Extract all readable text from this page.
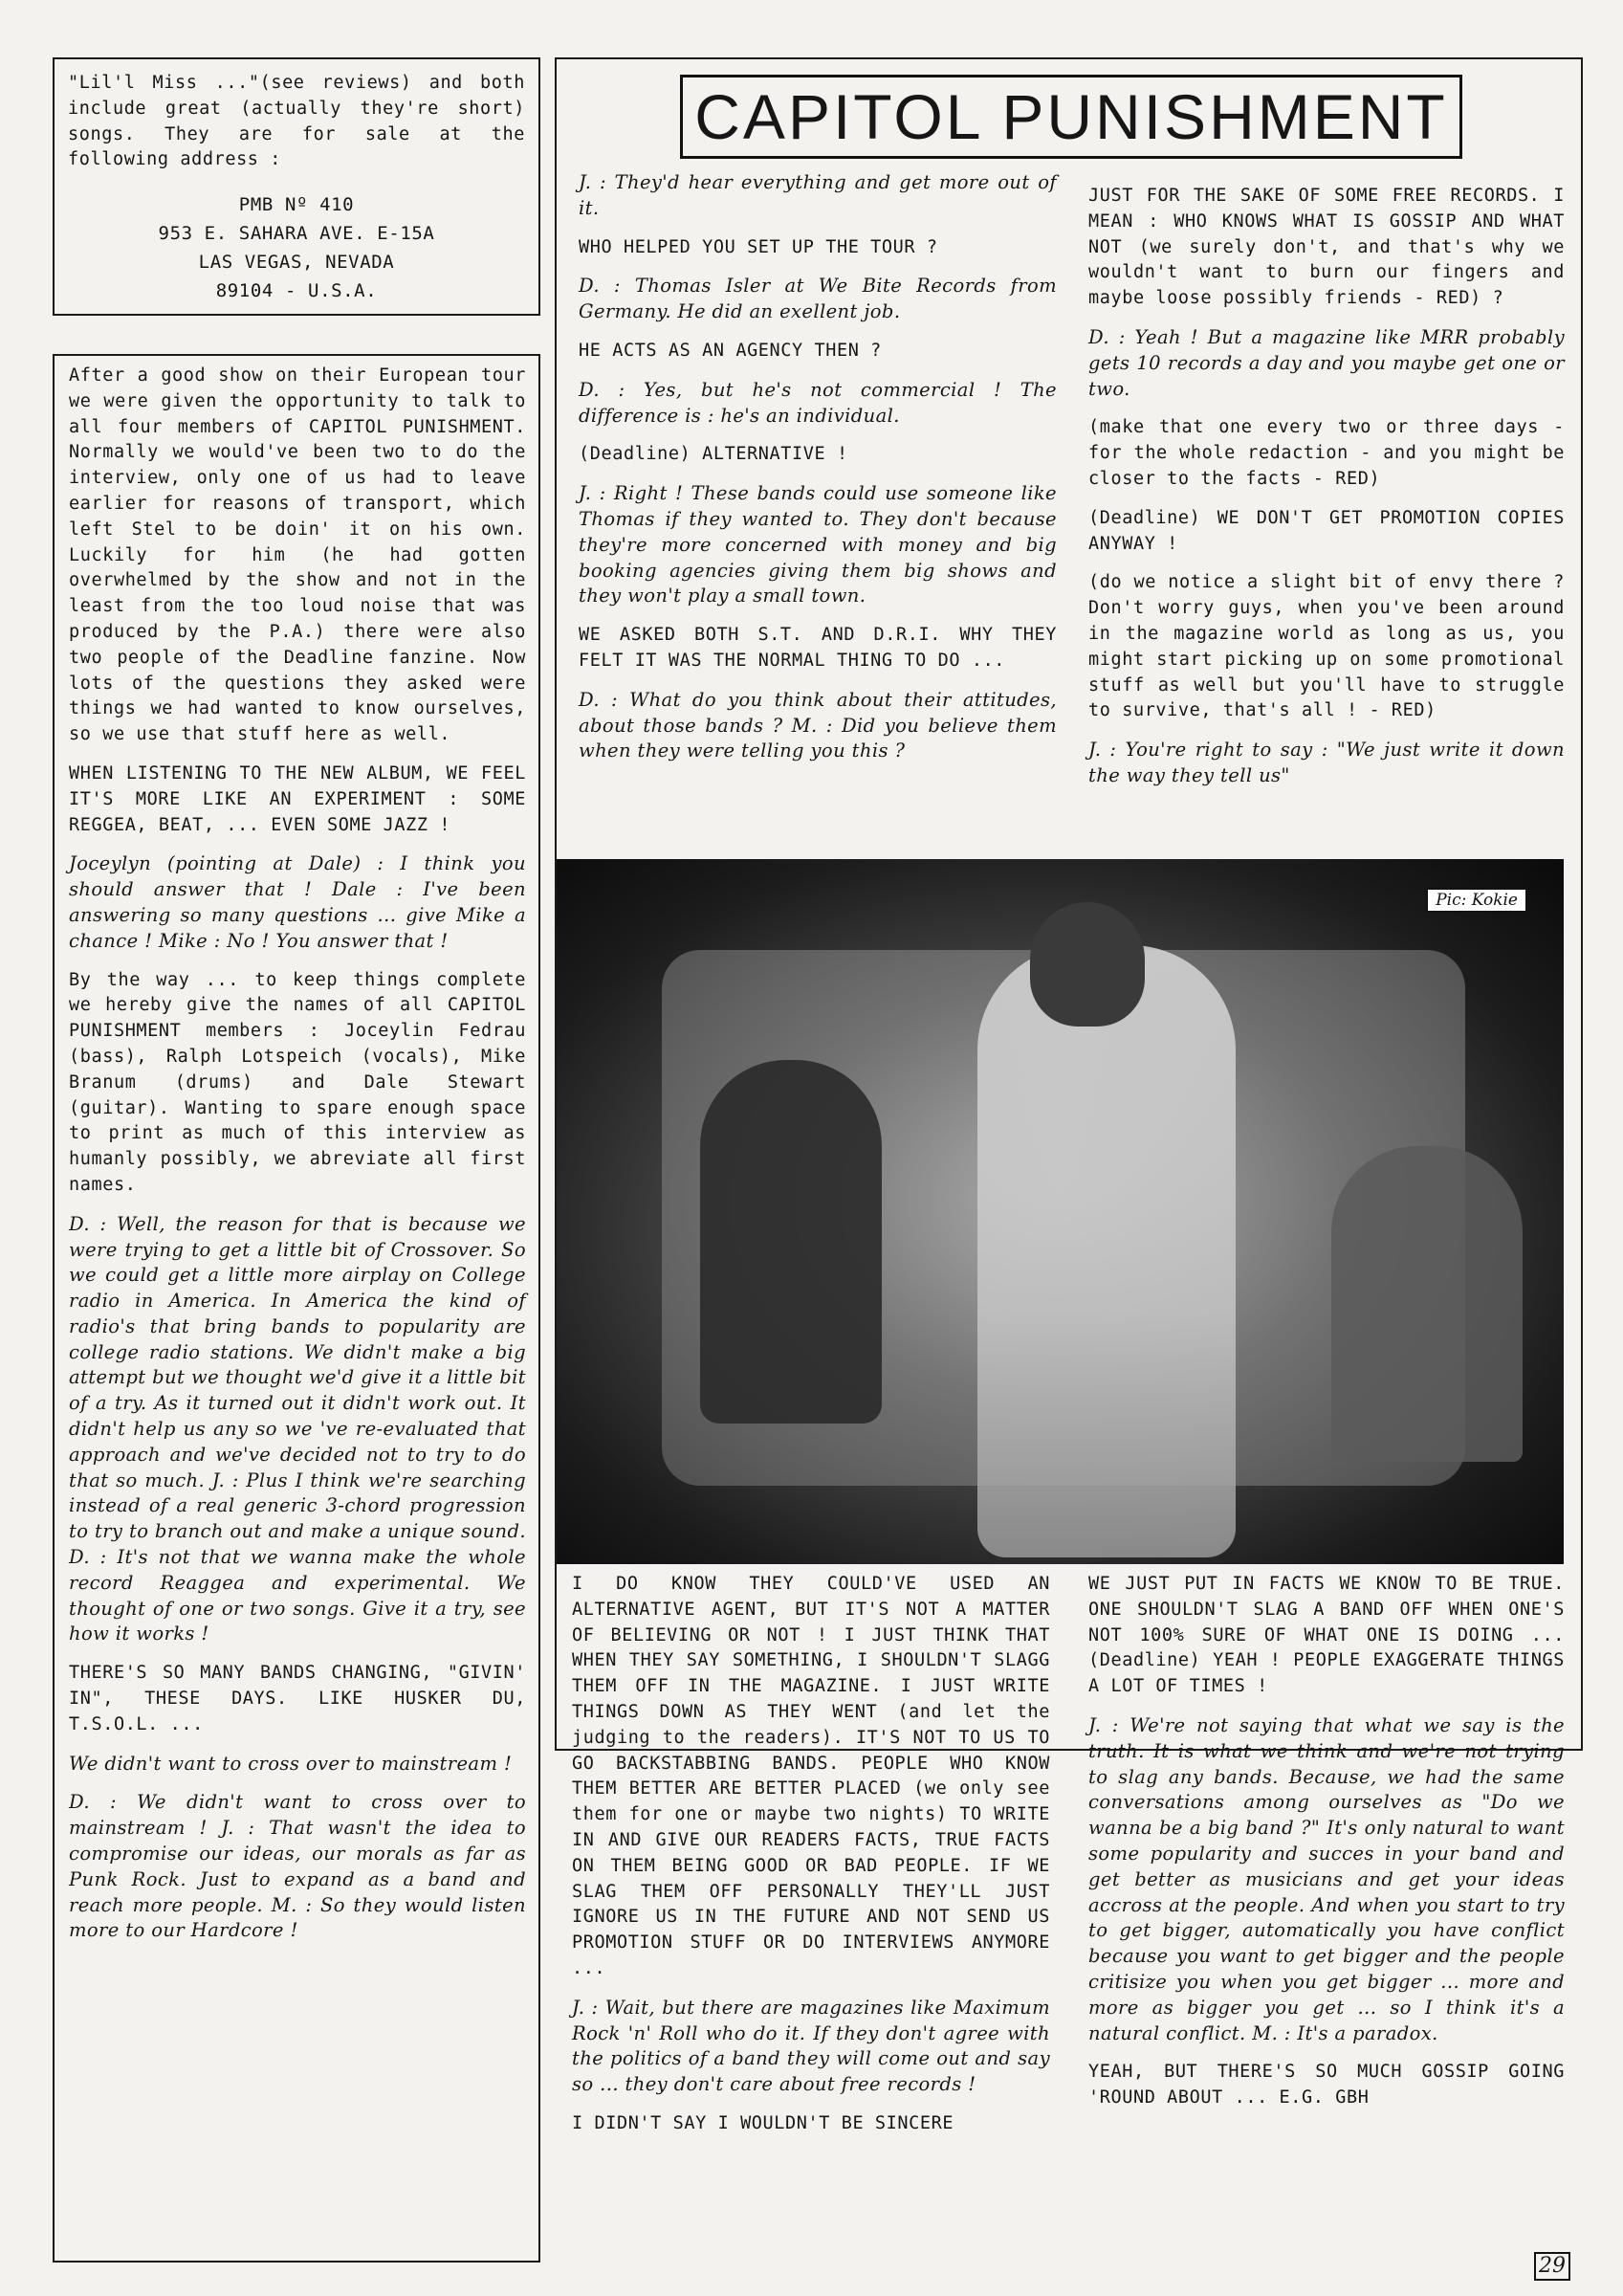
"Lil'l Miss ..."(see reviews) and both include great (actually they're short) songs. They are for sale at the following address :
PMB Nº 410
953 E. SAHARA AVE. E-15A
LAS VEGAS, NEVADA
89104 - U.S.A.

After a good show on their European tour we were given the opportunity to talk to all four members of CAPITOL PUNISHMENT. Normally we would've been two to do the interview, only one of us had to leave earlier for reasons of transport, which left Stel to be doin' it on his own. Luckily for him (he had gotten overwhelmed by the show and not in the least from the too loud noise that was produced by the P.A.) there were also two people of the Deadline fanzine. Now lots of the questions they asked were things we had wanted to know ourselves, so we use that stuff here as well.

WHEN LISTENING TO THE NEW ALBUM, WE FEEL IT'S MORE LIKE AN EXPERIMENT : SOME REGGEA, BEAT, ... EVEN SOME JAZZ !

Joceylyn (pointing at Dale) : I think you should answer that ! Dale : I've been answering so many questions ... give Mike a chance ! Mike : No ! You answer that !

By the way ... to keep things complete we hereby give the names of all CAPITOL PUNISHMENT members : Joceylin Fedrau (bass), Ralph Lotspeich (vocals), Mike Branum (drums) and Dale Stewart (guitar). Wanting to spare enough space to print as much of this interview as humanly possibly, we abreviate all first names.

D. : Well, the reason for that is because we were trying to get a little bit of Crossover. So we could get a little more airplay on College radio in America. In America the kind of radio's that bring bands to popularity are college radio stations. We didn't make a big attempt but we thought we'd give it a little bit of a try. As it turned out it didn't work out. It didn't help us any so we 've re-evaluated that approach and we've decided not to try to do that so much. J. : Plus I think we're searching instead of a real generic 3-chord progression to try to branch out and make a unique sound. D. : It's not that we wanna make the whole record Reaggea and experimental. We thought of one or two songs. Give it a try, see how it works !

THERE'S SO MANY BANDS CHANGING, "GIVIN' IN", THESE DAYS. LIKE HUSKER DU, T.S.O.L. ...

We didn't want to cross over to mainstream !

D. : We didn't want to cross over to mainstream ! J. : That wasn't the idea to compromise our ideas, our morals as far as Punk Rock. Just to expand as a band and reach more people. M. : So they would listen more to our Hardcore !

CAPITOL PUNISHMENT

J. : They'd hear everything and get more out of it.

WHO HELPED YOU SET UP THE TOUR ?

D. : Thomas Isler at We Bite Records from Germany. He did an exellent job.

HE ACTS AS AN AGENCY THEN ?

D. : Yes, but he's not commercial ! The difference is : he's an individual.

(Deadline) ALTERNATIVE !

J. : Right ! These bands could use someone like Thomas if they wanted to. They don't because they're more concerned with money and big booking agencies giving them big shows and they won't play a small town.

WE ASKED BOTH S.T. AND D.R.I. WHY THEY FELT IT WAS THE NORMAL THING TO DO ...

D. : What do you think about their attitudes, about those bands ? M. : Did you believe them when they were telling you this ?

JUST FOR THE SAKE OF SOME FREE RECORDS. I MEAN : WHO KNOWS WHAT IS GOSSIP AND WHAT NOT (we surely don't, and that's why we wouldn't want to burn our fingers and maybe loose possibly friends - RED) ?

D. : Yeah ! But a magazine like MRR probably gets 10 records a day and you maybe get one or two.

(make that one every two or three days - for the whole redaction - and you might be closer to the facts - RED)

(Deadline) WE DON'T GET PROMOTION COPIES ANYWAY !

(do we notice a slight bit of envy there ? Don't worry guys, when you've been around in the magazine world as long as us, you might start picking up on some promotional stuff as well but you'll have to struggle to survive, that's all ! - RED)

J. : You're right to say : "We just write it down the way they tell us"

Pic: Kokie

I DO KNOW THEY COULD'VE USED AN ALTERNATIVE AGENT, BUT IT'S NOT A MATTER OF BELIEVING OR NOT ! I JUST THINK THAT WHEN THEY SAY SOMETHING, I SHOULDN'T SLAGG THEM OFF IN THE MAGAZINE. I JUST WRITE THINGS DOWN AS THEY WENT (and let the judging to the readers). IT'S NOT TO US TO GO BACKSTABBING BANDS. PEOPLE WHO KNOW THEM BETTER ARE BETTER PLACED (we only see them for one or maybe two nights) TO WRITE IN AND GIVE OUR READERS FACTS, TRUE FACTS ON THEM BEING GOOD OR BAD PEOPLE. IF WE SLAG THEM OFF PERSONALLY THEY'LL JUST IGNORE US IN THE FUTURE AND NOT SEND US PROMOTION STUFF OR DO INTERVIEWS ANYMORE ...

J. : Wait, but there are magazines like Maximum Rock 'n' Roll who do it. If they don't agree with the politics of a band they will come out and say so ... they don't care about free records !

I DIDN'T SAY I WOULDN'T BE SINCERE

WE JUST PUT IN FACTS WE KNOW TO BE TRUE. ONE SHOULDN'T SLAG A BAND OFF WHEN ONE'S NOT 100% SURE OF WHAT ONE IS DOING ... (Deadline) YEAH ! PEOPLE EXAGGERATE THINGS A LOT OF TIMES !

J. : We're not saying that what we say is the truth. It is what we think and we're not trying to slag any bands. Because, we had the same conversations among ourselves as "Do we wanna be a big band ?" It's only natural to want some popularity and succes in your band and get better as musicians and get your ideas accross at the people. And when you start to try to get bigger, automatically you have conflict because you want to get bigger and the people critisize you when you get bigger ... more and more as bigger you get ... so I think it's a natural conflict. M. : It's a paradox.

YEAH, BUT THERE'S SO MUCH GOSSIP GOING 'ROUND ABOUT ... E.G. GBH

29
